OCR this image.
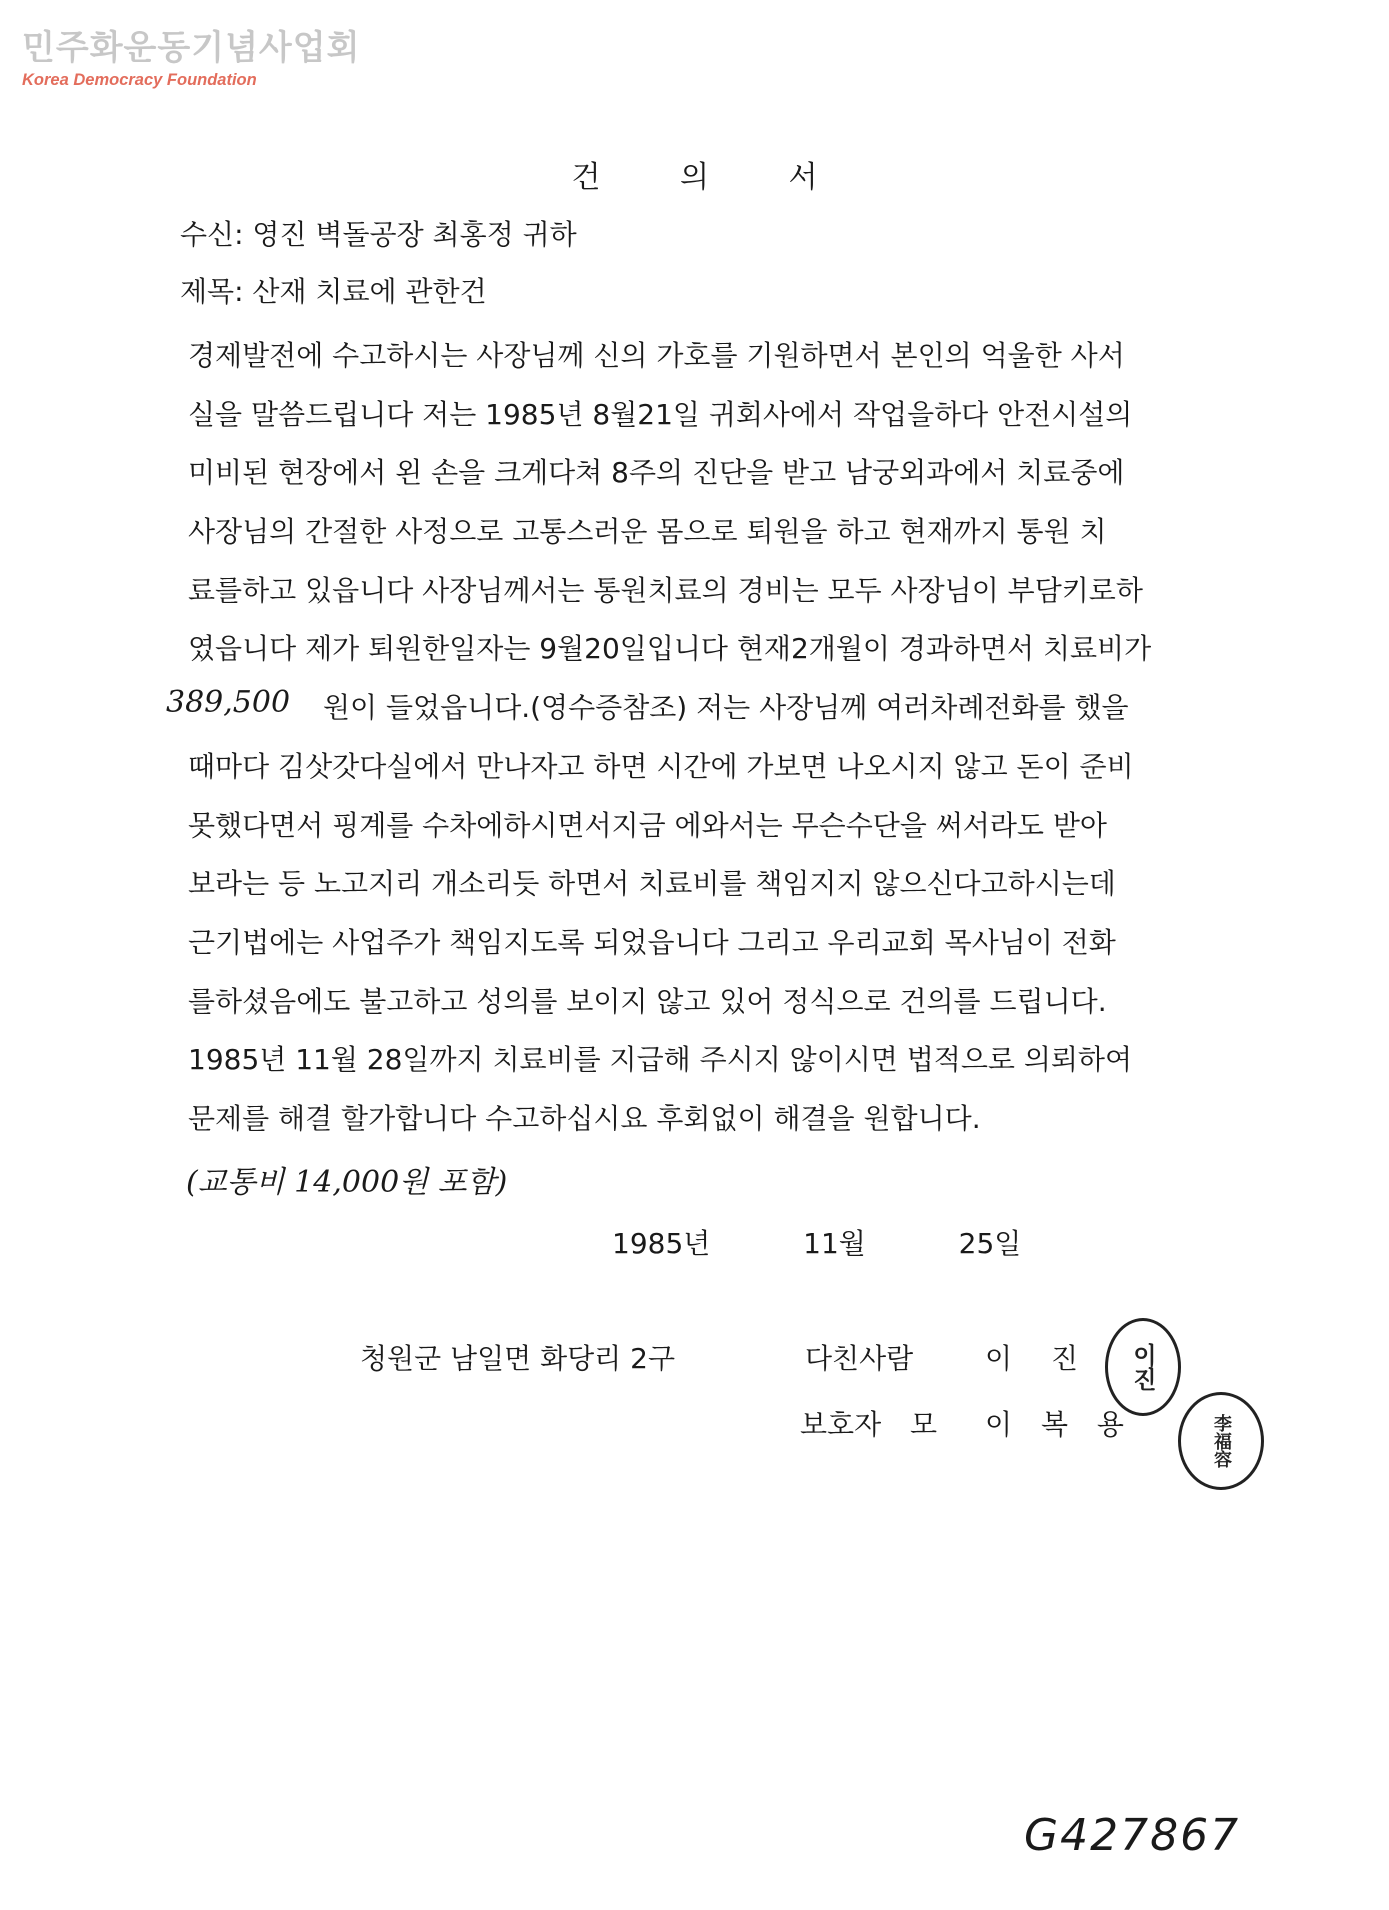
민주화운동기념사업회
Korea Democracy Foundation
건 의 서

수신: 영진 벽돌공장 최홍정 귀하

제목: 산재 치료에 관한건

경제발전에 수고하시는 사장님께 신의 가호를 기원하면서 본인의 억울한 사서
실을 말씀드립니다 저는 1985년 8월21일 귀회사에서 작업을하다 안전시설의
미비된 현장에서 왼 손을 크게다쳐 8주의 진단을 받고 남궁외과에서 치료중에
사장님의 간절한 사정으로 고통스러운 몸으로 퇴원을 하고 현재까지 통원 치
료를하고 있읍니다 사장님께서는 통원치료의 경비는 모두 사장님이 부담키로하
였읍니다 제가 퇴원한일자는 9월20일입니다 현재2개월이 경과하면서 치료비가
원이 들었읍니다.(영수증참조) 저는 사장님께 여러차례전화를 했을
때마다 김삿갓다실에서 만나자고 하면 시간에 가보면 나오시지 않고 돈이 준비
못했다면서 핑계를 수차에하시면서지금 에와서는 무슨수단을 써서라도 받아
보라는 등 노고지리 개소리듯 하면서 치료비를 책임지지 않으신다고하시는데
근기법에는 사업주가 책임지도록 되었읍니다 그리고 우리교회 목사님이 전화
를하셨음에도 불고하고 성의를 보이지 않고 있어 정식으로 건의를 드립니다.
1985년 11월 28일까지 치료비를 지급해 주시지 않이시면 법적으로 의뢰하여
문제를 해결 할가합니다 수고하십시요 후회없이 해결을 원합니다.
389,500
(교통비 14,000원 포함)
1985년	11월	25일
청원군 남일면 화당리 2구	다친사람	이 진
보호자 모 이 복 용
이진
李福容
G427867
